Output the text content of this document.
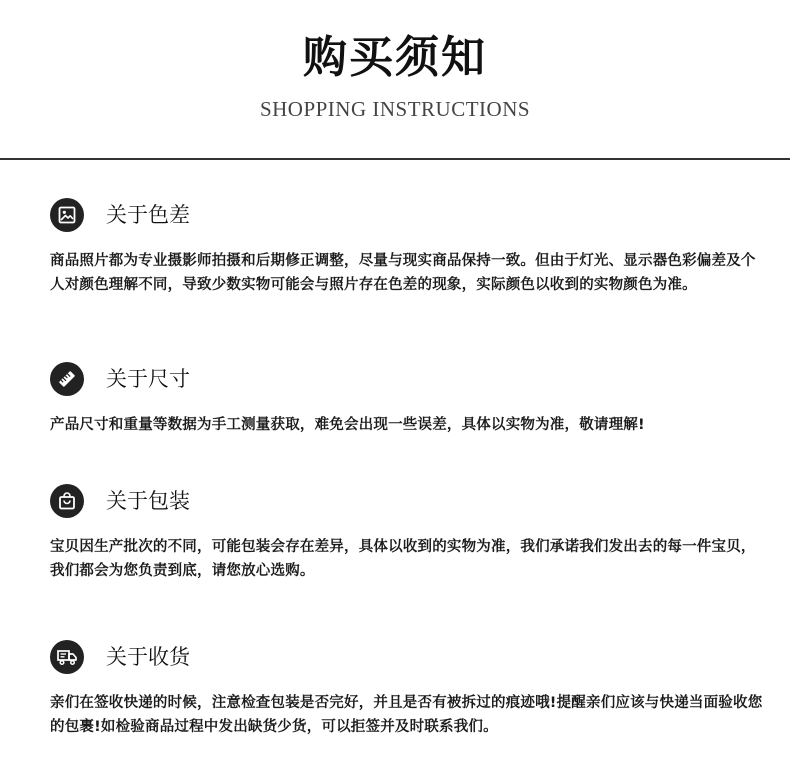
购买须知
SHOPPING INSTRUCTIONS
关于色差
商品照片都为专业摄影师拍摄和后期修正调整，尽量与现实商品保持一致。但由于灯光、显示器色彩偏差及个人对颜色理解不同，导致少数实物可能会与照片存在色差的现象，实际颜色以收到的实物颜色为准。
关于尺寸
产品尺寸和重量等数据为手工测量获取，难免会出现一些误差，具体以实物为准，敬请理解!
关于包装
宝贝因生产批次的不同，可能包装会存在差异，具体以收到的实物为准，我们承诺我们发出去的每一件宝贝，我们都会为您负责到底，请您放心选购。
关于收货
亲们在签收快递的时候，注意检查包装是否完好，并且是否有被拆过的痕迹哦!提醒亲们应该与快递当面验收您的包裹!如检验商品过程中发出缺货少货，可以拒签并及时联系我们。
